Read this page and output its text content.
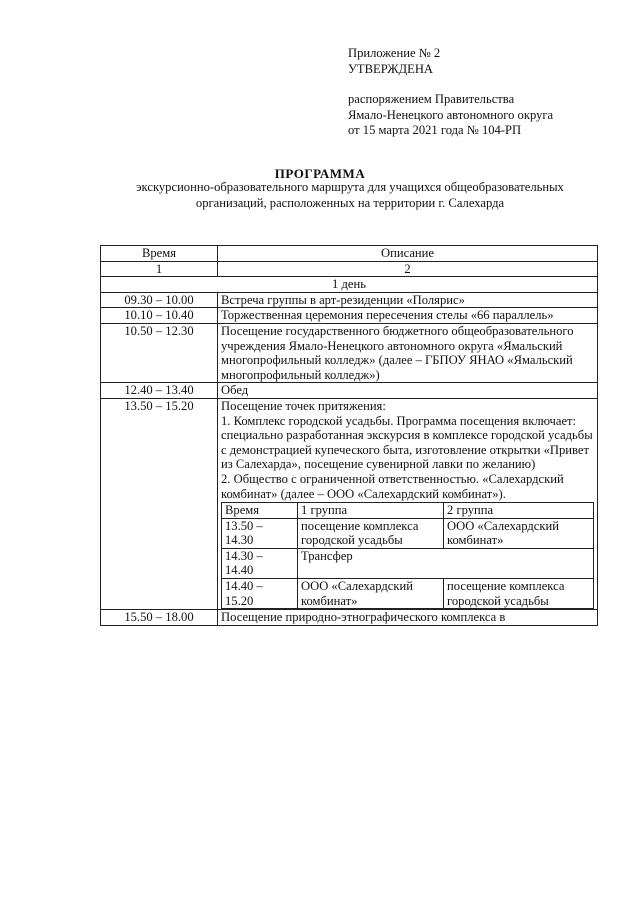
Приложение № 2
УТВЕРЖДЕНА
распоряжением Правительства
Ямало-Ненецкого автономного округа
от 15 марта 2021 года № 104-РП
ПРОГРАММА
экскурсионно-образовательного маршрута для учащихся общеобразовательных
организаций, расположенных на территории г. Салехарда
Время	Описание
1	2
1 день
09.30 – 10.00	Встреча группы в арт-резиденции «Полярис»
10.10 – 10.40	Торжественная церемония пересечения стелы «66 параллель»
10.50 – 12.30	Посещение государственного бюджетного общеобразовательного учреждения Ямало-Ненецкого автономного округа «Ямальский многопрофильный колледж» (далее – ГБПОУ ЯНАО «Ямальский многопрофильный колледж»)
12.40 – 13.40	Обед
13.50 – 15.20	Посещение точек притяжения:
1. Комплекс городской усадьбы. Программа посещения включает: специально разработанная экскурсия в комплексе городской усадьбы с демонстрацией купеческого быта, изготовление открытки «Привет из Салехарда», посещение сувенирной лавки по желанию)
2. Общество с ограниченной ответственностью. «Салехардский комбинат» (далее – ООО «Салехардский комбинат»).
Время	1 группа	2 группа
13.50 – 14.30	посещение комплекса городской усадьбы	ООО «Салехардский комбинат»
14.30 – 14.40	Трансфер
14.40 – 15.20	ООО «Салехардский комбинат»	посещение комплекса городской усадьбы

15.50 – 18.00	Посещение природно-этнографического комплекса в
